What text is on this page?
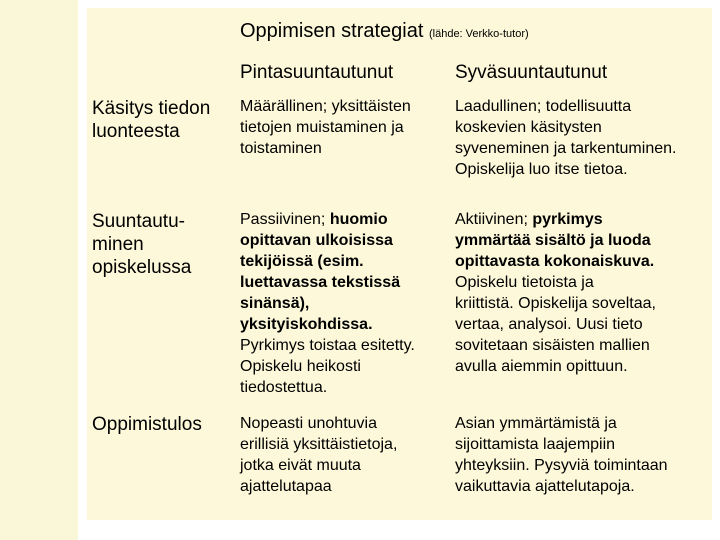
Oppimisen strategiat (lähde: Verkko-tutor)
Pintasuuntautunut	Syväsuuntautunut
Käsitys tiedon
luonteesta
Määrällinen; yksittäisten
tietojen muistaminen ja
toistaminen
Laadullinen; todellisuutta
koskevien käsitysten
syveneminen ja tarkentuminen.
Opiskelija luo itse tietoa.
Suuntautu-
minen
opiskelussa
Passiivinen; huomio
opittavan ulkoisissa
tekijöissä (esim.
luettavassa tekstissä
sinänsä),
yksityiskohdissa.
Pyrkimys toistaa esitetty.
Opiskelu heikosti
tiedostettua.
Aktiivinen; pyrkimys
ymmärtää sisältö ja luoda
opittavasta kokonaiskuva.
Opiskelu tietoista ja
kriittistä. Opiskelija soveltaa,
vertaa, analysoi. Uusi tieto
sovitetaan sisäisten mallien
avulla aiemmin opittuun.
Oppimistulos Nopeasti unohtuvia
erillisiä yksittäistietoja,
jotka eivät muuta
ajattelutapaa
Asian ymmärtämistä ja
sijoittamista laajempiin
yhteyksiin. Pysyviä toimintaan
vaikuttavia ajattelutapoja.
